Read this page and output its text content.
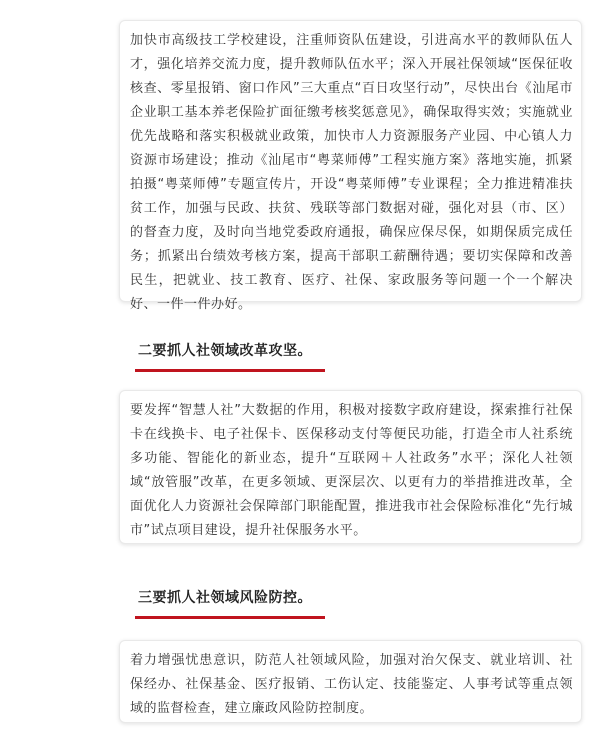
加快市高级技工学校建设，注重师资队伍建设，引进高水平的教师队伍人才，强化培养交流力度，提升教师队伍水平；深入开展社保领域“医保征收核查、零星报销、窗口作风”三大重点“百日攻坚行动”，尽快出台《汕尾市企业职工基本养老保险扩面征缴考核奖惩意见》，确保取得实效；实施就业优先战略和落实积极就业政策，加快市人力资源服务产业园、中心镇人力资源市场建设；推动《汕尾市“粤菜师傅”工程实施方案》落地实施，抓紧拍摄“粤菜师傅”专题宣传片，开设“粤菜师傅”专业课程；全力推进精准扶贫工作，加强与民政、扶贫、残联等部门数据对碰，强化对县（市、区）的督查力度，及时向当地党委政府通报，确保应保尽保，如期保质完成任务；抓紧出台绩效考核方案，提高干部职工薪酬待遇；要切实保障和改善民生，把就业、技工教育、医疗、社保、家政服务等问题一个一个解决好、一件一件办好。

二要抓人社领域改革攻坚。

要发挥“智慧人社”大数据的作用，积极对接数字政府建设，探索推行社保卡在线换卡、电子社保卡、医保移动支付等便民功能，打造全市人社系统多功能、智能化的新业态，提升“互联网＋人社政务”水平；深化人社领域“放管服”改革，在更多领域、更深层次、以更有力的举措推进改革，全面优化人力资源社会保障部门职能配置，推进我市社会保险标准化“先行城市”试点项目建设，提升社保服务水平。

三要抓人社领域风险防控。

着力增强忧患意识，防范人社领域风险，加强对治欠保支、就业培训、社保经办、社保基金、医疗报销、工伤认定、技能鉴定、人事考试等重点领域的监督检查，建立廉政风险防控制度。
